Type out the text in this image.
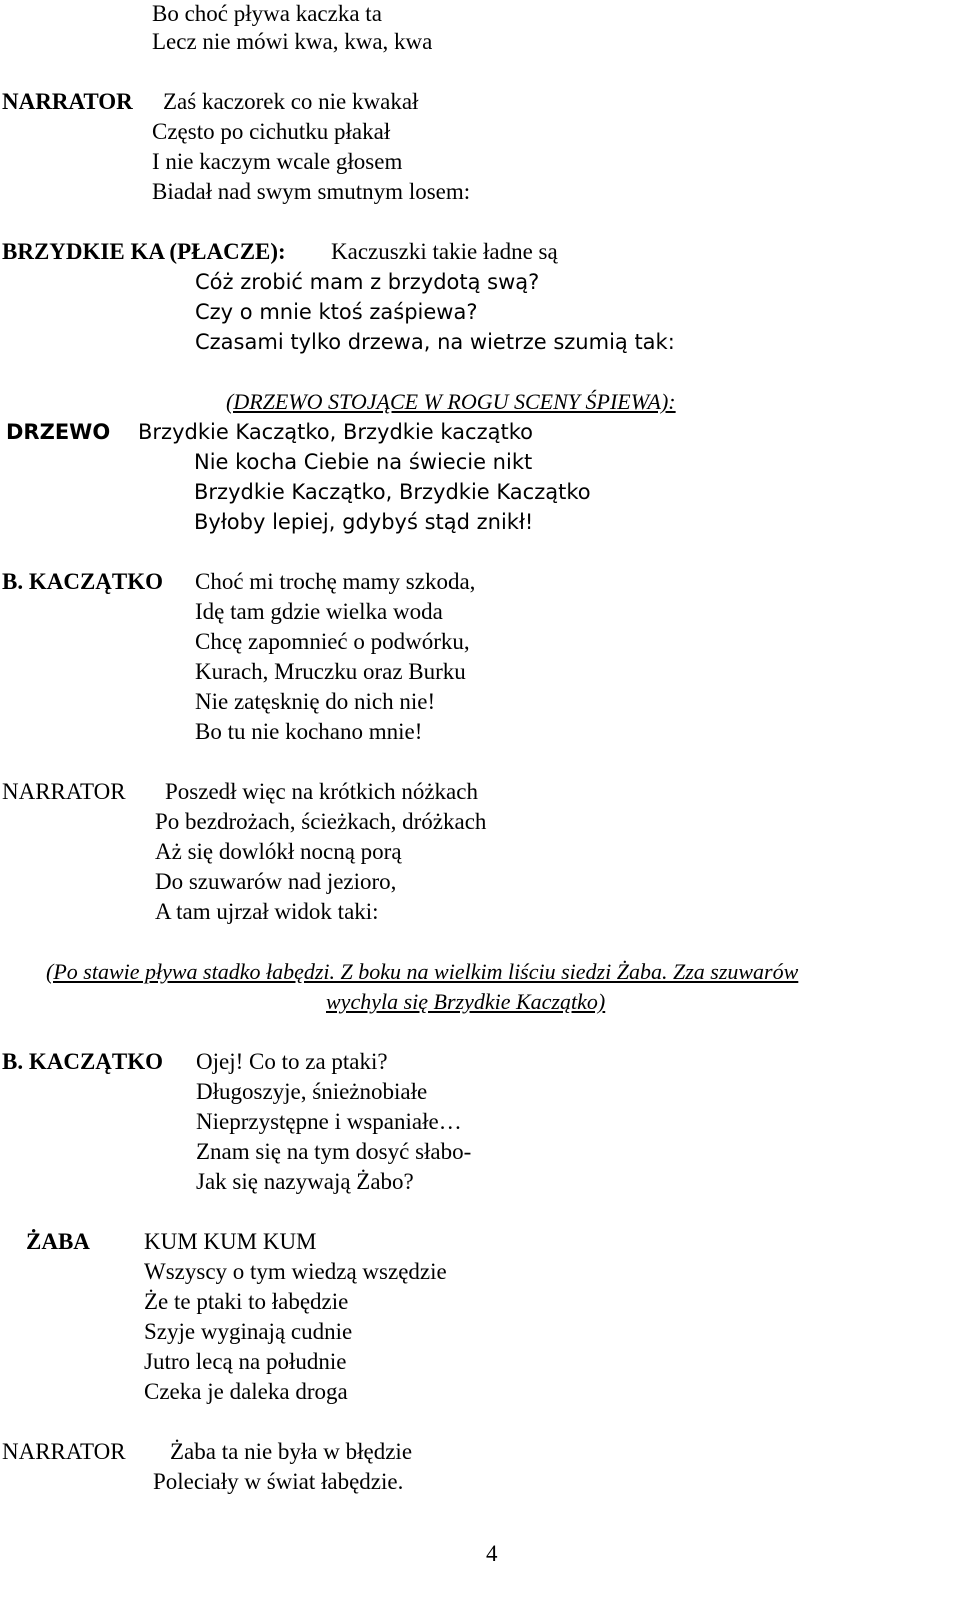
Bo choć pływa kaczka ta
Lecz nie mówi kwa, kwa, kwa
NARRATOR Zaś kaczorek co nie kwakał
Często po cichutku płakał
I nie kaczym wcale głosem
Biadał nad swym smutnym losem:
BRZYDKIE KA (PŁACZE): Kaczuszki takie ładne są
Cóż zrobić mam z brzydotą swą?
Czy o mnie ktoś zaśpiewa?
Czasami tylko drzewa, na wietrze szumią tak:
(DRZEWO STOJĄCE W ROGU SCENY ŚPIEWA):
DRZEWO Brzydkie Kaczątko, Brzydkie kaczątko
Nie kocha Ciebie na świecie nikt
Brzydkie Kaczątko, Brzydkie Kaczątko
Byłoby lepiej, gdybyś stąd znikł!
B. KACZĄTKO Choć mi trochę mamy szkoda,
Idę tam gdzie wielka woda
Chcę zapomnieć o podwórku,
Kurach, Mruczku oraz Burku
Nie zatęsknię do nich nie!
Bo tu nie kochano mnie!
NARRATOR Poszedł więc na krótkich nóżkach
Po bezdrożach, ścieżkach, dróżkach
Aż się dowlókł nocną porą
Do szuwarów nad jezioro,
A tam ujrzał widok taki:
(Po stawie pływa stadko łabędzi. Z boku na wielkim liściu siedzi Żaba. Zza szuwarów
wychyla się Brzydkie Kaczątko)
B. KACZĄTKO Ojej! Co to za ptaki?
Długoszyje, śnieżnobiałe
Nieprzystępne i wspaniałe…
Znam się na tym dosyć słabo-
Jak się nazywają Żabo?
ŻABA KUM KUM KUM
Wszyscy o tym wiedzą wszędzie
Że te ptaki to łabędzie
Szyje wyginają cudnie
Jutro lecą na południe
Czeka je daleka droga
NARRATOR Żaba ta nie była w błędzie
Poleciały w świat łabędzie.
4
